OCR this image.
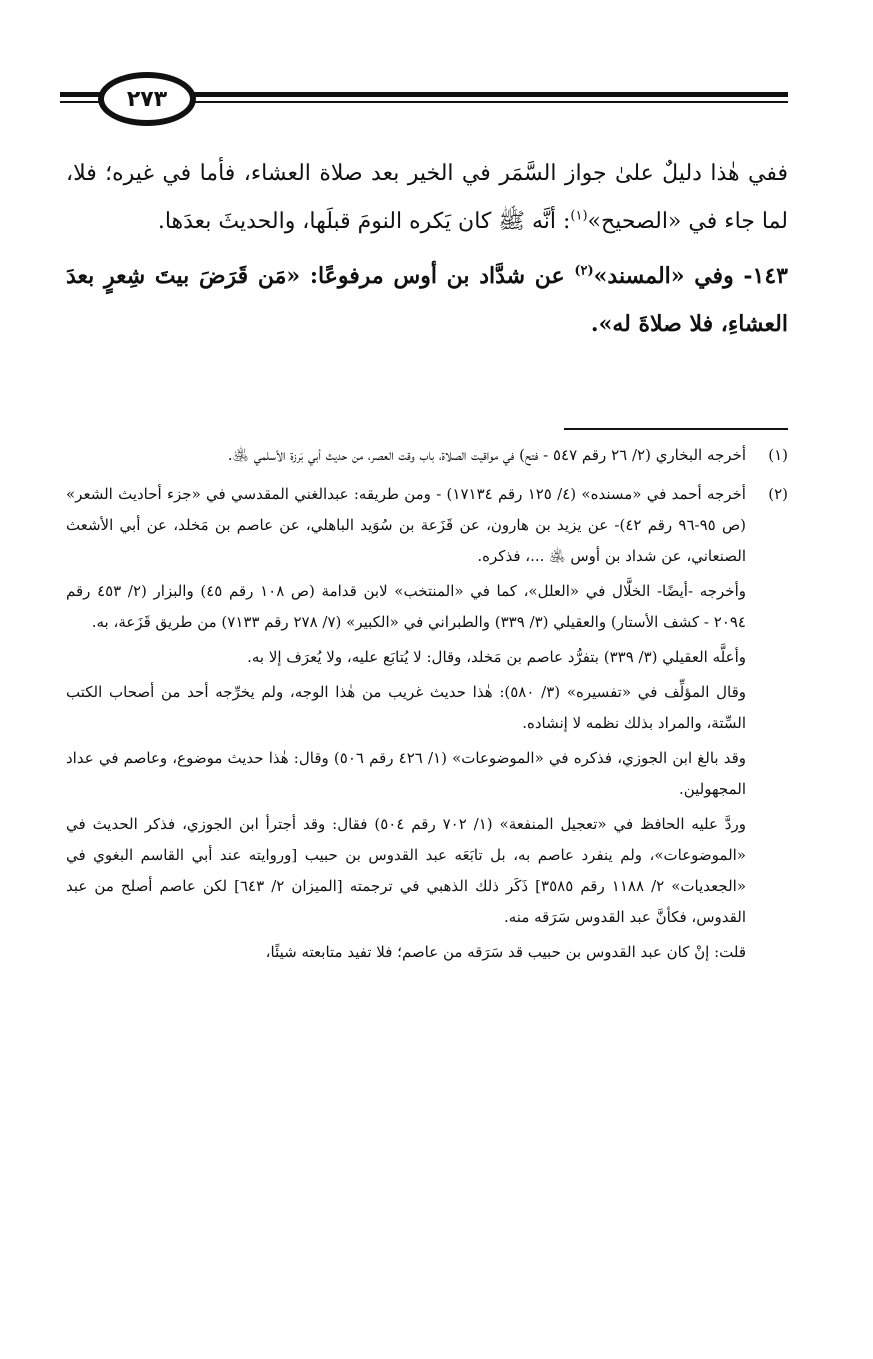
٢٧٣

ففي هٰذا دليلٌ علىٰ جواز السَّمَر في الخير بعد صلاة العشاء، فأما في غيره؛ فلا، لما جاء في «الصحيح»$^{(١)}$: أنَّه ﷺ كان يَكره النومَ قبلَها، والحديثَ بعدَها.

١٤٣- وفي «المسند»$^{(٢)}$ عن شدَّاد بن أوس مرفوعًا: «مَن قَرَضَ بيتَ شِعرٍ بعدَ العشاءِ، فلا صلاةَ له».

(١)

أخرجه البخاري (٢/ ٢٦ رقم ٥٤٧ - فتح) في مواقيت الصلاة، باب وقت العصر، من حديث أبي بَرزة الأسلمي ﵁.

(٢)

أخرجه أحمد في «مسنده» (٤/ ١٢٥ رقم ١٧١٣٤) - ومن طريقه: عبدالغني المقدسي في «جزء أحاديث الشعر» (ص ٩٥-٩٦ رقم ٤٢)- عن يزيد بن هارون، عن قَزَعة بن سُوَيد الباهلي، عن عاصم بن مَخلد، عن أبي الأشعث الصنعاني، عن شداد بن أوس ﵁ ...، فذكره.

وأخرجه -أيضًا- الخلَّال في «العلل»، كما في «المنتخب» لابن قدامة (ص ١٠٨ رقم ٤٥) والبزار (٢/ ٤٥٣ رقم ٢٠٩٤ - كشف الأستار) والعقيلي (٣/ ٣٣٩) والطبراني في «الكبير» (٧/ ٢٧٨ رقم ٧١٣٣) من طريق قَزَعة، به.

وأعلَّه العقيلي (٣/ ٣٣٩) بتفرُّد عاصم بن مَخلد، وقال: لا يُتابَع عليه، ولا يُعرَف إلا به.

وقال المؤلِّف في «تفسيره» (٣/ ٥٨٠): هٰذا حديث غريب من هٰذا الوجه، ولم يخرِّجه أحد من أصحاب الكتب السِّتة، والمراد بذلك نظمه لا إنشاده.

وقد بالغ ابن الجوزي، فذكره في «الموضوعات» (١/ ٤٢٦ رقم ٥٠٦) وقال: هٰذا حديث موضوع، وعاصم في عداد المجهولين.

وردَّ عليه الحافظ في «تعجيل المنفعة» (١/ ٧٠٢ رقم ٥٠٤) فقال: وقد أجترأ ابن الجوزي، فذكر الحديث في «الموضوعات»، ولم ينفرد عاصم به، بل تابَعَه عبد القدوس بن حبيب [وروايته عند أبي القاسم البغوي في «الجعديات» ٢/ ١١٨٨ رقم ٣٥٨٥] ذَكَر ذلك الذهبي في ترجمته [الميزان ٢/ ٦٤٣] لكن عاصم أصلح من عبد القدوس، فكأنَّ عبد القدوس سَرَقه منه.

قلت: إنْ كان عبد القدوس بن حبيب قد سَرَقه من عاصم؛ فلا تفيد متابعته شيئًا،
